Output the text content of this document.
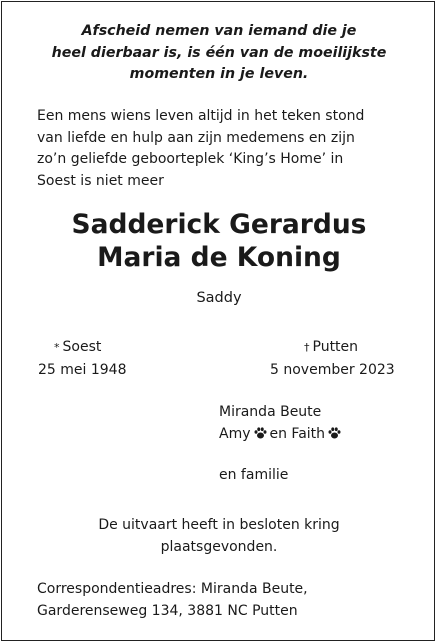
Afscheid nemen van iemand die je
heel dierbaar is, is één van de moeilijkste
momenten in je leven.
Een mens wiens leven altijd in het teken stond
van liefde en hulp aan zijn medemens en zijn
zo’n geliefde geboorteplek ‘King’s Home’ in
Soest is niet meer
Sadderick Gerardus
Maria de Koning
Saddy
* Soest
25 mei 1948
† Putten
5 november 2023
Miranda Beute
Amy en Faith
en familie
De uitvaart heeft in besloten kring
plaatsgevonden.
Correspondentieadres: Miranda Beute,
Garderenseweg 134, 3881 NC Putten
